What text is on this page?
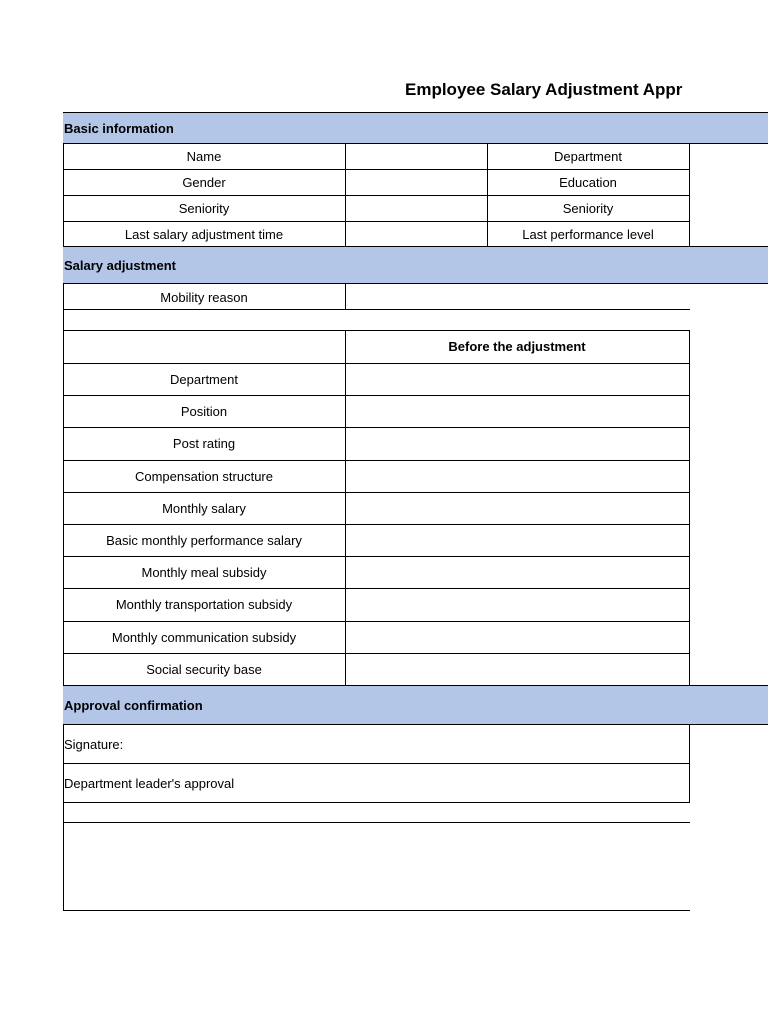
Employee Salary Adjustment Appr
Basic information
Name	Department
Gender	Education
Seniority	Seniority
Last salary adjustment time	Last performance level
Salary adjustment
Mobility reason
Before the adjustment
Department
Position
Post rating
Compensation structure
Monthly salary
Basic monthly performance salary
Monthly meal subsidy
Monthly transportation subsidy
Monthly communication subsidy
Social security base
Approval confirmation
Signature:
Department leader's approval
